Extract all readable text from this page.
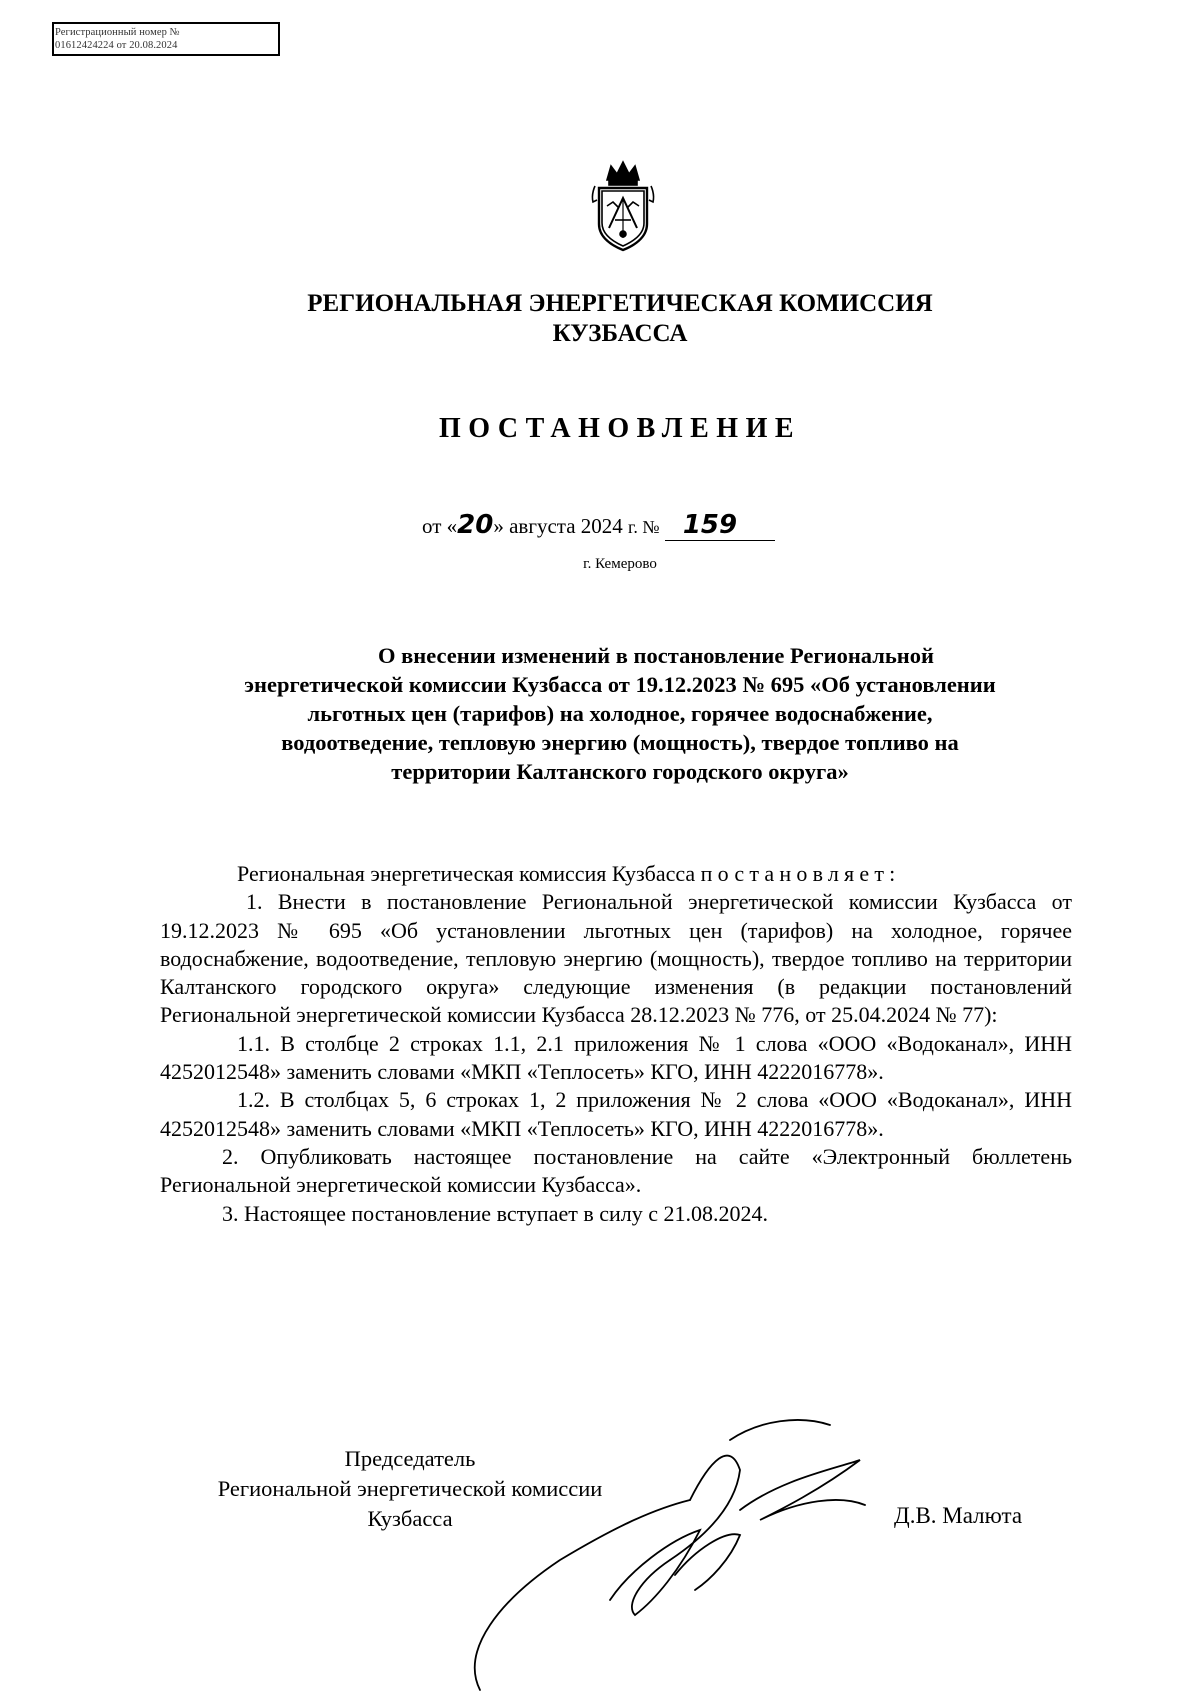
Регистрационный номер №
01612424224 от 20.08.2024
РЕГИОНАЛЬНАЯ ЭНЕРГЕТИЧЕСКАЯ КОМИССИЯ
КУЗБАССА
ПОСТАНОВЛЕНИЕ
от «20» августа 2024 г. № 159
г. Кемерово
О внесении изменений в постановление Региональной
энергетической комиссии Кузбасса от 19.12.2023 № 695 «Об установлении
льготных цен (тарифов) на холодное, горячее водоснабжение,
водоотведение, тепловую энергию (мощность), твердое топливо на
территории Калтанского городского округа»

Региональная энергетическая комиссия Кузбасса постановляет:

1. Внести в постановление Региональной энергетической комиссии Кузбасса от 19.12.2023 № 695 «Об установлении льготных цен (тарифов) на холодное, горячее водоснабжение, водоотведение, тепловую энергию (мощность), твердое топливо на территории Калтанского городского округа» следующие изменения (в редакции постановлений Региональной энергетической комиссии Кузбасса 28.12.2023 № 776, от 25.04.2024 № 77):

1.1. В столбце 2 строках 1.1, 2.1 приложения № 1 слова «ООО «Водоканал», ИНН 4252012548» заменить словами «МКП «Теплосеть» КГО, ИНН 4222016778».

1.2. В столбцах 5, 6 строках 1, 2 приложения № 2 слова «ООО «Водоканал», ИНН 4252012548» заменить словами «МКП «Теплосеть» КГО, ИНН 4222016778».

2. Опубликовать настоящее постановление на сайте «Электронный бюллетень Региональной энергетической комиссии Кузбасса».

3. Настоящее постановление вступает в силу с 21.08.2024.

Председатель
Региональной энергетической комиссии
Кузбасса	Д.В. Малюта
